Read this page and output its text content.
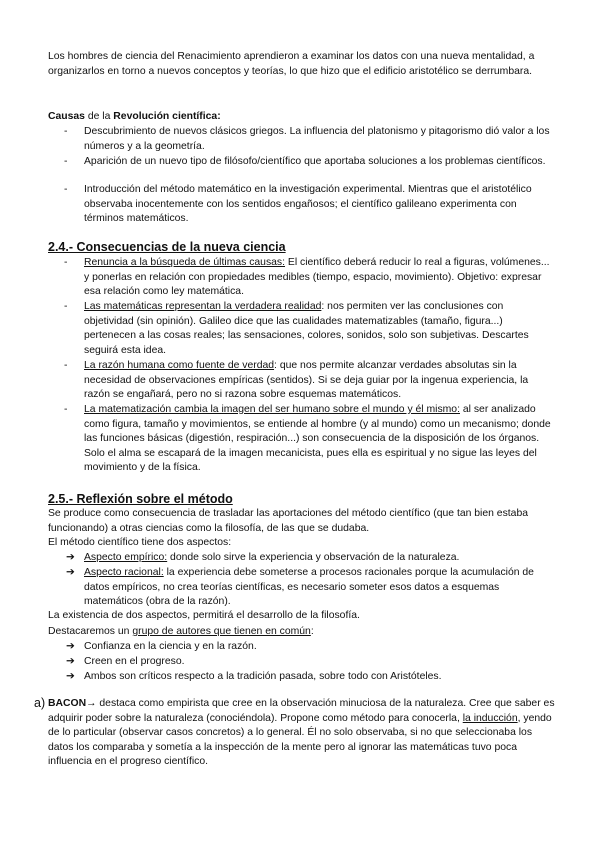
Los hombres de ciencia del Renacimiento aprendieron a examinar los datos con una nueva mentalidad, a organizarlos en torno a nuevos conceptos y teorías, lo que hizo que el edificio aristotélico se derrumbara.

Causas de la Revolución científica:

-	Descubrimiento de nuevos clásicos griegos. La influencia del platonismo y pitagorismo dió valor a los números y a la geometría.

-	Aparición de un nuevo tipo de filósofo/científico que aportaba soluciones a los problemas científicos.

-	Introducción del método matemático en la investigación experimental. Mientras que el aristotélico observaba inocentemente con los sentidos engañosos; el científico galileano experimenta con términos matemáticos.

2.4.- Consecuencias de la nueva ciencia
-	Renuncia a la búsqueda de últimas causas: El científico deberá reducir lo real a figuras, volúmenes... y ponerlas en relación con propiedades medibles (tiempo, espacio, movimiento). Objetivo: expresar esa relación como ley matemática.

-	Las matemáticas representan la verdadera realidad: nos permiten ver las conclusiones con objetividad (sin opinión). Galileo dice que las cualidades matematizables (tamaño, figura...) pertenecen a las cosas reales; las sensaciones, colores, sonidos, solo son subjetivas. Descartes seguirá esta idea.

-	La razón humana como fuente de verdad: que nos permite alcanzar verdades absolutas sin la necesidad de observaciones empíricas (sentidos). Si se deja guiar por la ingenua experiencia, la razón se engañará, pero no si razona sobre esquemas matemáticos.

-	La matematización cambia la imagen del ser humano sobre el mundo y él mismo: al ser analizado como figura, tamaño y movimientos, se entiende al hombre (y al mundo) como un mecanismo; donde las funciones básicas (digestión, respiración...) son consecuencia de la disposición de los órganos. Solo el alma se escapará de la imagen mecanicista, pues ella es espiritual y no sigue las leyes del movimiento y de la física.

2.5.- Reflexión sobre el método

Se produce como consecuencia de trasladar las aportaciones del método científico (que tan bien estaba funcionando) a otras ciencias como la filosofía, de las que se dudaba.

El método científico tiene dos aspectos:

➔ Aspecto empírico: donde solo sirve la experiencia y observación de la naturaleza.

➔ Aspecto racional: la experiencia debe someterse a procesos racionales porque la acumulación de datos empíricos, no crea teorías científicas, es necesario someter esos datos a esquemas matemáticos (obra de la razón).

La existencia de dos aspectos, permitirá el desarrollo de la filosofía.

Destacaremos un grupo de autores que tienen en común:

➔ Confianza en la ciencia y en la razón.

➔ Creen en el progreso.

➔ Ambos son críticos respecto a la tradición pasada, sobre todo con Aristóteles.

a) BACON→ destaca como empirista que cree en la observación minuciosa de la naturaleza. Cree que saber es adquirir poder sobre la naturaleza (conociéndola). Propone como método para conocerla, la inducción, yendo de lo particular (observar casos concretos) a lo general. Él no solo observaba, si no que seleccionaba los datos los comparaba y sometía a la inspección de la mente pero al ignorar las matemáticas tuvo poca influencia en el progreso científico.
